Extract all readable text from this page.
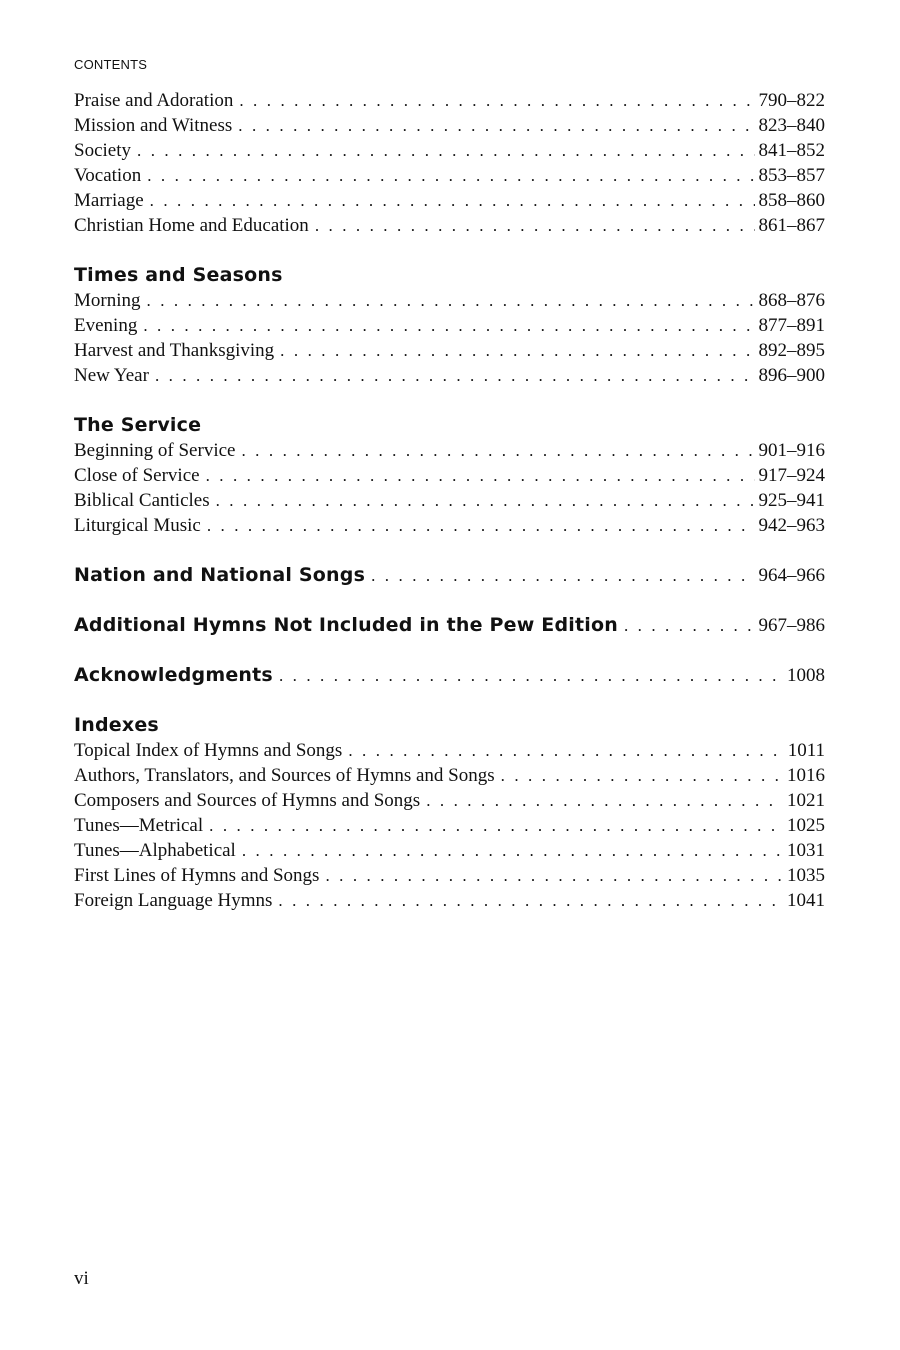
CONTENTS
Praise and Adoration . . .	790–822
Mission and Witness . . .	823–840
Society . . .	841–852
Vocation . . .	853–857
Marriage . . .	858–860
Christian Home and Education . . .	861–867
Times and Seasons
Morning . . .	868–876
Evening . . .	877–891
Harvest and Thanksgiving . . .	892–895
New Year . . .	896–900
The Service
Beginning of Service . . .	901–916
Close of Service . . .	917–924
Biblical Canticles . . .	925–941
Liturgical Music . . .	942–963
Nation and National Songs . . .	964–966
Additional Hymns Not Included in the Pew Edition . . .	967–986
Acknowledgments . . .	1008
Indexes
Topical Index of Hymns and Songs . . .	1011
Authors, Translators, and Sources of Hymns and Songs . . .	1016
Composers and Sources of Hymns and Songs . . .	1021
Tunes—Metrical . . .	1025
Tunes—Alphabetical . . .	1031
First Lines of Hymns and Songs . . .	1035
Foreign Language Hymns . . .	1041
vi
